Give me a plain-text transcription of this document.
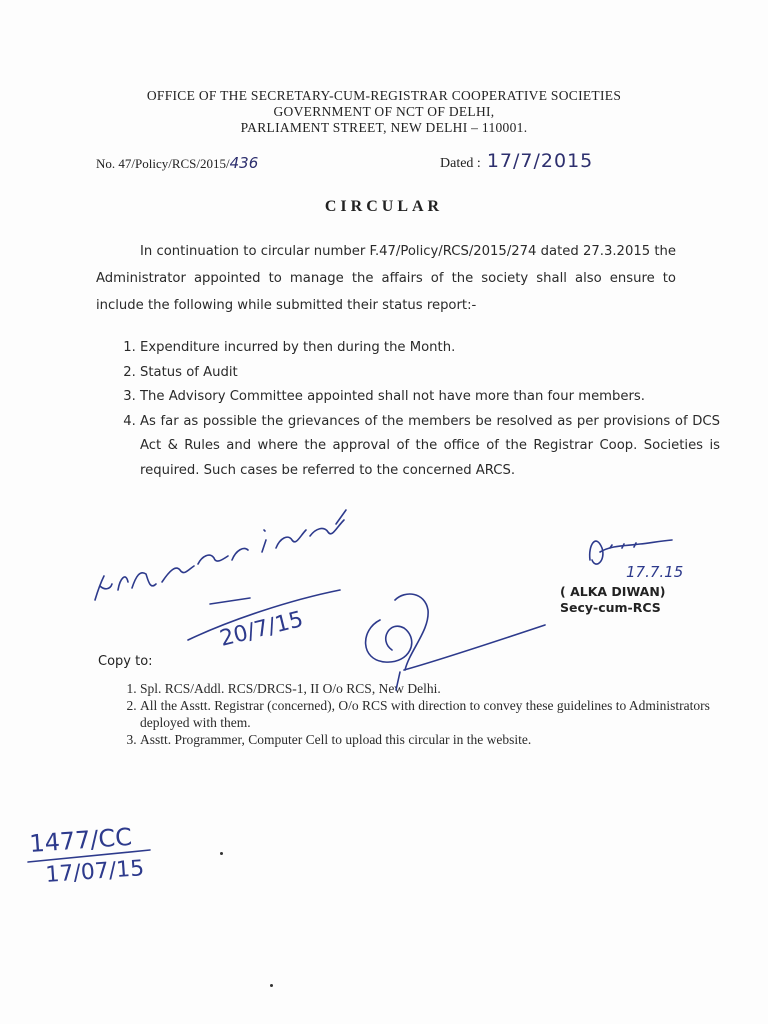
OFFICE OF THE SECRETARY-CUM-REGISTRAR COOPERATIVE SOCIETIES
GOVERNMENT OF NCT OF DELHI,
PARLIAMENT STREET, NEW DELHI – 110001.
No. 47/Policy/RCS/2015/436	Dated : 17/7/2015
CIRCULAR
In continuation to circular number F.47/Policy/RCS/2015/274 dated 27.3.2015 the Administrator appointed to manage the affairs of the society shall also ensure to include the following while submitted their status report:-
1. Expenditure incurred by then during the Month.
2. Status of Audit
3. The Advisory Committee appointed shall not have more than four members.
4. As far as possible the grievances of the members be resolved as per provisions of DCS Act & Rules and where the approval of the office of the Registrar Coop. Societies is required. Such cases be referred to the concerned ARCS.
( ALKA DIWAN)
Secy-cum-RCS
Copy to:
1. Spl. RCS/Addl. RCS/DRCS-1, II O/o RCS, New Delhi.
2. All the Asstt. Registrar (concerned), O/o RCS with direction to convey these guidelines to Administrators deployed with them.
3. Asstt. Programmer, Computer Cell to upload this circular in the website.
17.7.15
20/7/15
1477/CC
17/07/15
